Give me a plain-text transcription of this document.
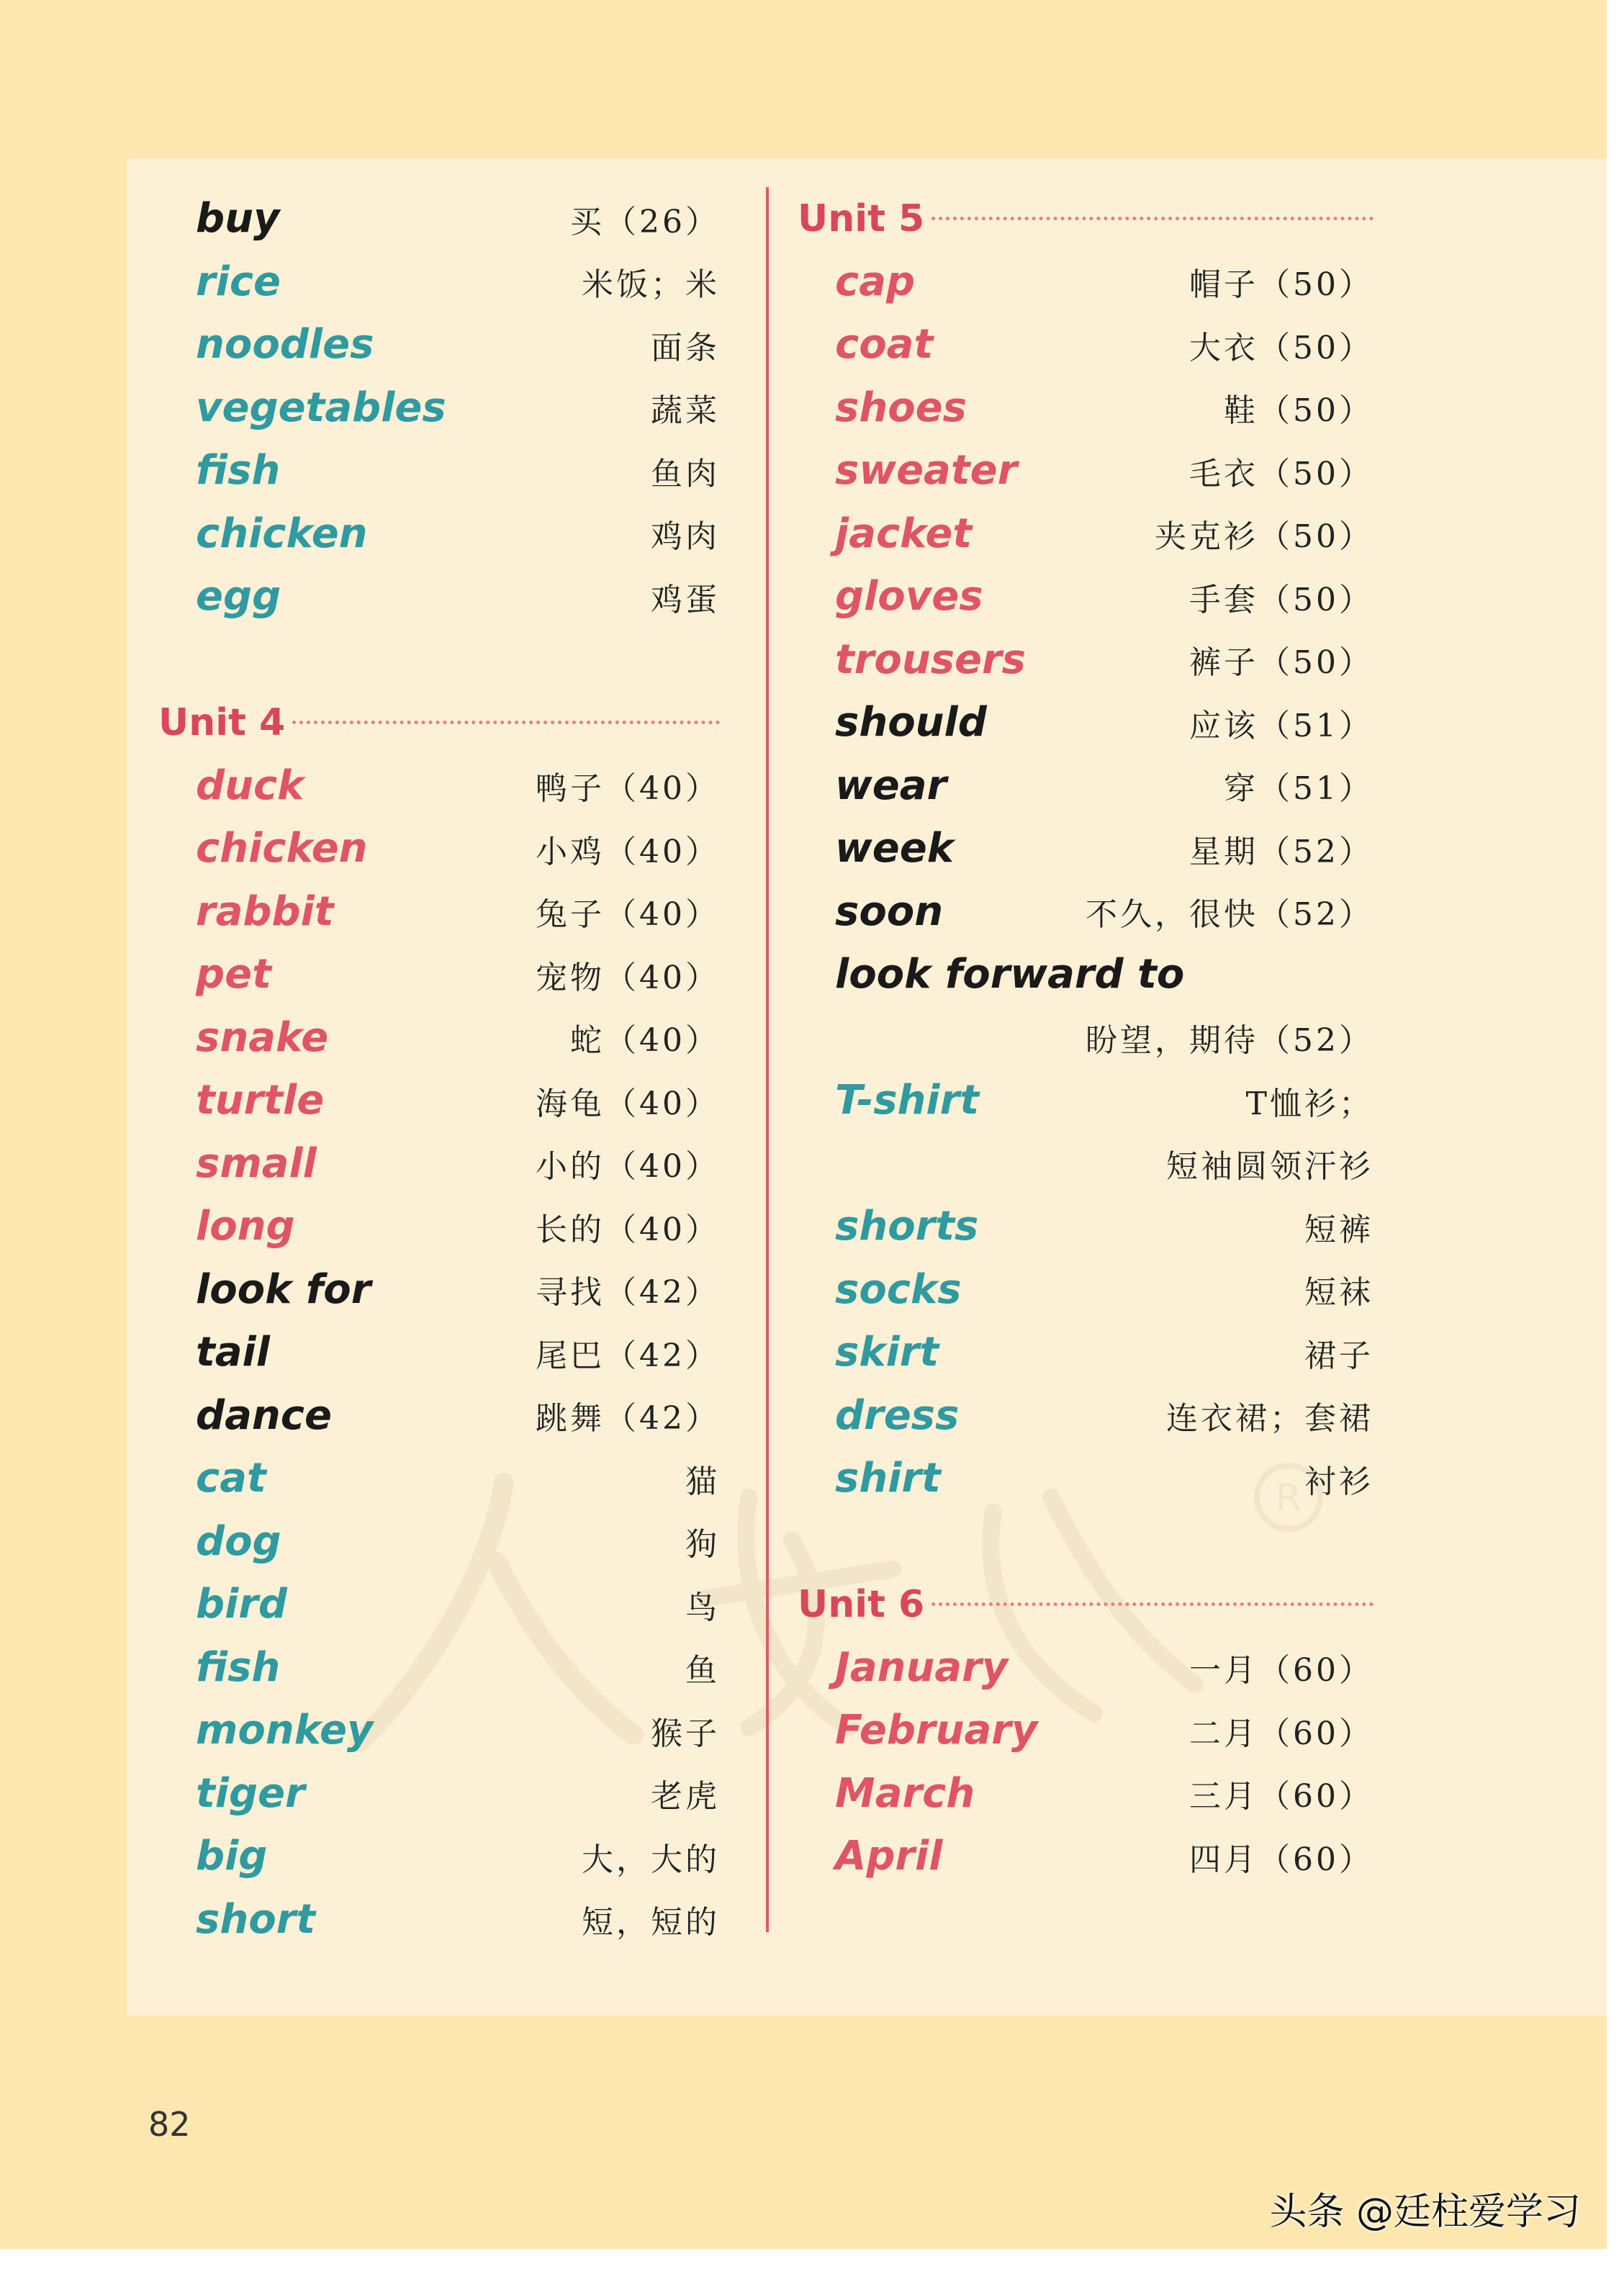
R
buy	买（26）
rice	米饭；米
noodles	面条
vegetables	蔬菜
fish	鱼肉
chicken	鸡肉
egg	鸡蛋
Unit 4
duck	鸭子（40）
chicken	小鸡（40）
rabbit	兔子（40）
pet	宠物（40）
snake	蛇（40）
turtle	海龟（40）
small	小的（40）
long	长的（40）
look for	寻找（42）
tail	尾巴（42）
dance	跳舞（42）
cat	猫
dog	狗
bird	鸟
fish	鱼
monkey	猴子
tiger	老虎
big	大，大的
short	短，短的
Unit 5
cap	帽子（50）
coat	大衣（50）
shoes	鞋（50）
sweater	毛衣（50）
jacket	夹克衫（50）
gloves	手套（50）
trousers	裤子（50）
should	应该（51）
wear	穿（51）
week	星期（52）
soon	不久，很快（52）
look forward to
盼望，期待（52）
T-shirt	T恤衫；
短袖圆领汗衫
shorts	短裤
socks	短袜
skirt	裙子
dress	连衣裙；套裙
shirt	衬衫
Unit 6
January	一月（60）
February	二月（60）
March	三月（60）
April	四月（60）
82
头条 @廷柱爱学习
